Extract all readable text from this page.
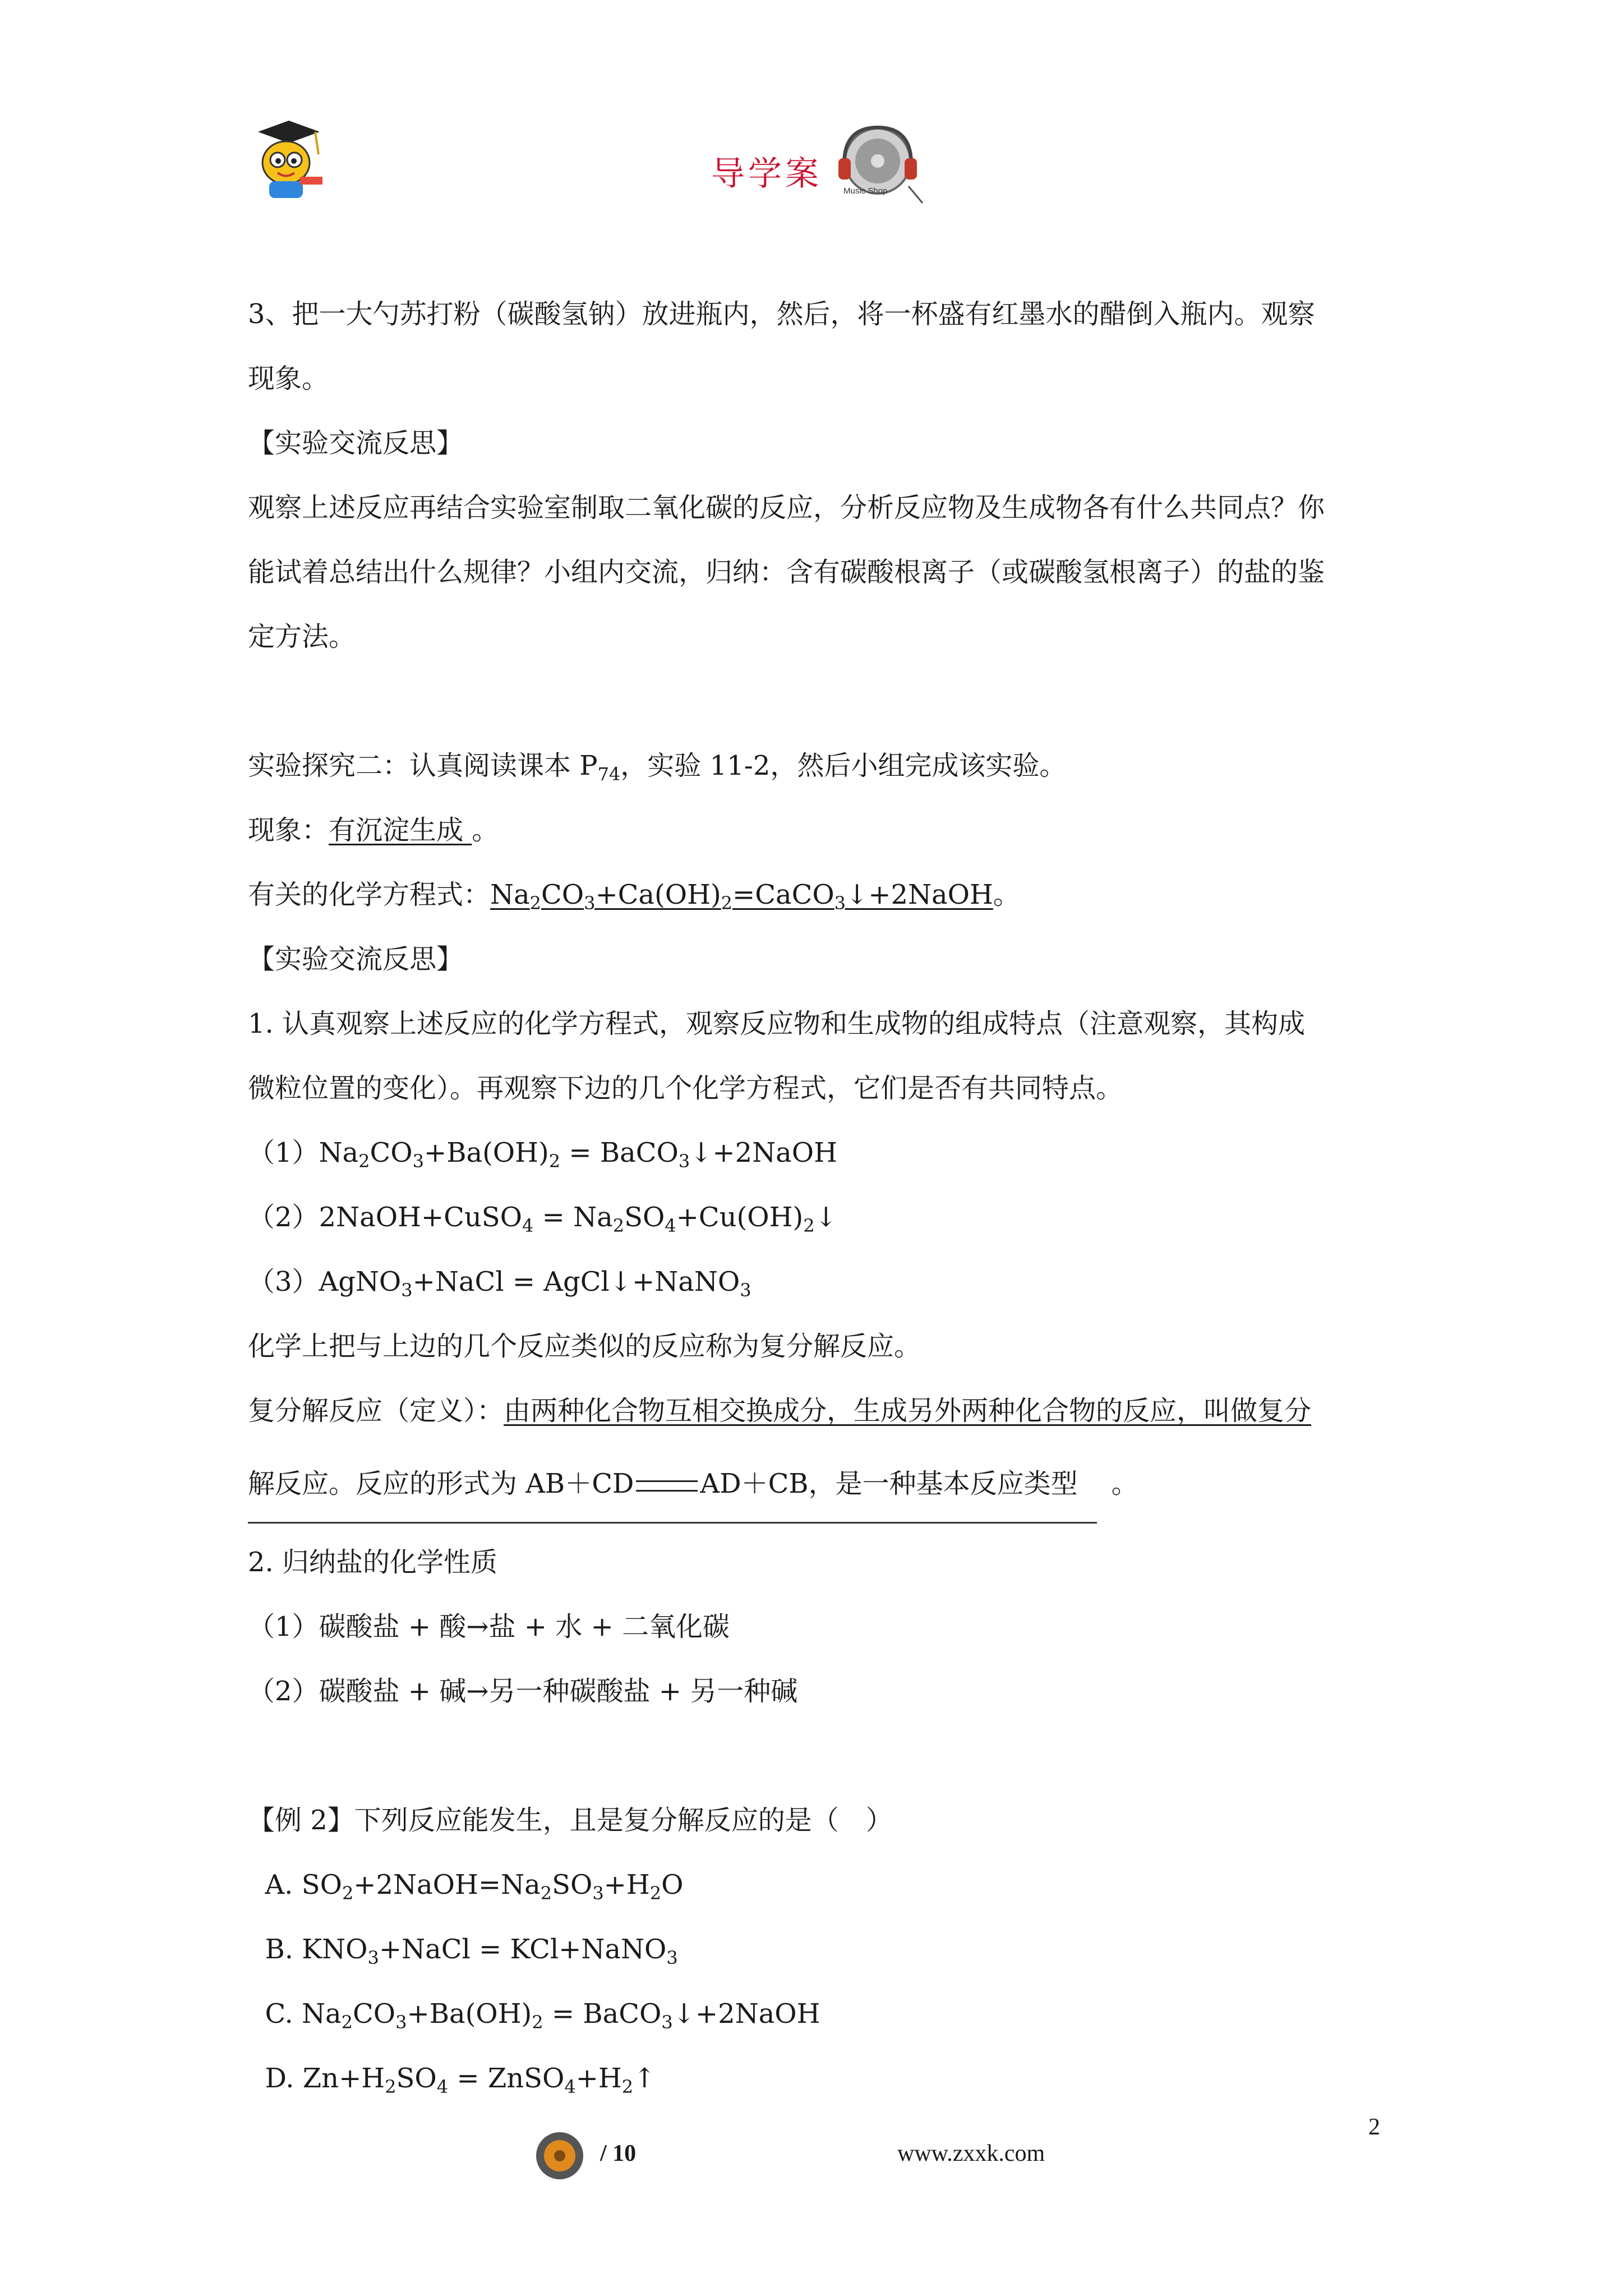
导学案	Music Shop
3、把一大勺苏打粉（碳酸氢钠）放进瓶内，然后，将一杯盛有红墨水的醋倒入瓶内。观察
现象。
【实验交流反思】
观察上述反应再结合实验室制取二氧化碳的反应，分析反应物及生成物各有什么共同点？你
能试着总结出什么规律？小组内交流，归纳：含有碳酸根离子（或碳酸氢根离子）的盐的鉴
定方法。
实验探究二：认真阅读课本 $P_{74}$，实验 11-2，然后小组完成该实验。
现象：有沉淀生成 。
有关的化学方程式：$Na_2CO_3+Ca(OH)_2=CaCO_3↓+2NaOH$。
【实验交流反思】
1. 认真观察上述反应的化学方程式，观察反应物和生成物的组成特点（注意观察，其构成
微粒位置的变化）。再观察下边的几个化学方程式，它们是否有共同特点。
$(1)Na_2CO_3+Ba(OH)_2$ = BaCO$_3$↓+2NaOH
（2）2NaOH+CuSO$_4$ = $Na_2SO_4+Cu(OH)_2↓$
（3）AgNO$_3$+NaCl = AgCl↓+NaNO$_3$
化学上把与上边的几个反应类似的反应称为复分解反应。
复分解反应（定义）：由两种化合物互相交换成分，生成另外两种化合物的反应，叫做复分
解反应。反应的形式为 AB＋CD AD＋CB，是一种基本反应类型 。
2. 归纳盐的化学性质
（1）碳酸盐 + 酸→盐 + 水 + 二氧化碳
（2）碳酸盐 + 碱→另一种碳酸盐 + 另一种碱
【例 2】下列反应能发生，且是复分解反应的是（　）
A. $SO_2+2NaOH=Na_2SO_3+H_2O$
B. $KNO_3+NaCl$ = KCl+NaNO$_3$
C. $Na_2CO_3+Ba(OH)_2$ = BaCO$_3$↓+2NaOH
D. $Zn+H_2SO_4$ = $ZnSO_4+H_2↑$
/ 10	www.zxxk.com
2
